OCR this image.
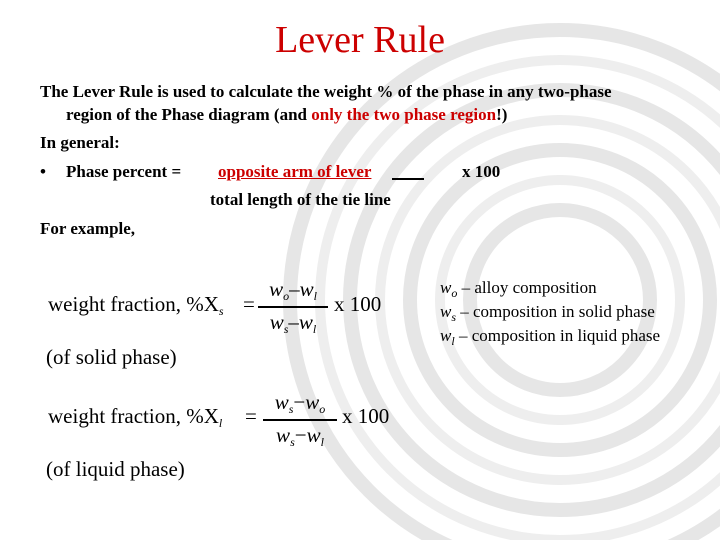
Lever Rule
The Lever Rule is used to calculate the weight % of the phase in any two-phase
region of the Phase diagram (and only the two phase region!)
In general:
• Phase percent = opposite arm of lever
total length of the tie line
x 100
For example,
weight fraction, $\%X_s$ =
$w_o-w_l$
$w_s-w_l$
x 100
(of solid phase)
weight fraction, $\%X_l$ =
$w_s-w_o$
$w_s-w_l$
x 100
(of liquid phase)
$w_o$ – alloy composition
$w_s$ – composition in solid phase
$w_l$ – composition in liquid phase
